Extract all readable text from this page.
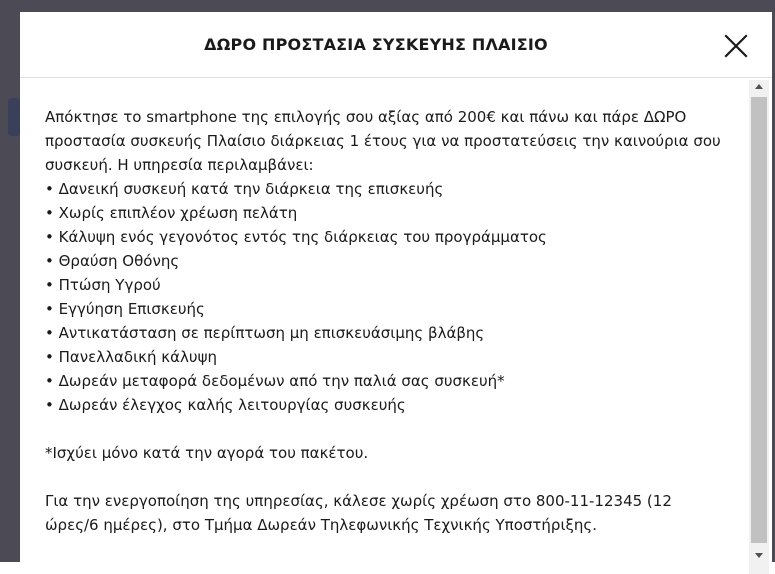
ΔΩΡΟ ΠΡΟΣΤΑΣΙΑ ΣΥΣΚΕΥΗΣ ΠΛΑΙΣΙΟ

Απόκτησε το smartphone της επιλογής σου αξίας από 200€ και πάνω και πάρε ΔΩΡΟ προστασία συσκευής Πλαίσιο διάρκειας 1 έτους για να προστατεύσεις την καινούρια σου συσκευή. Η υπηρεσία περιλαμβάνει:

• Δανεική συσκευή κατά την διάρκεια της επισκευής
• Χωρίς επιπλέον χρέωση πελάτη
• Κάλυψη ενός γεγονότος εντός της διάρκειας του προγράμματος
• Θραύση Οθόνης
• Πτώση Υγρού
• Εγγύηση Επισκευής
• Αντικατάσταση σε περίπτωση μη επισκευάσιμης βλάβης
• Πανελλαδική κάλυψη
• Δωρεάν μεταφορά δεδομένων από την παλιά σας συσκευή*
• Δωρεάν έλεγχος καλής λειτουργίας συσκευής

*Ισχύει μόνο κατά την αγορά του πακέτου.

Για την ενεργοποίηση της υπηρεσίας, κάλεσε χωρίς χρέωση στο 800-11-12345 (12 ώρες/6 ημέρες), στο Τμήμα Δωρεάν Τηλεφωνικής Τεχνικής Υποστήριξης.
